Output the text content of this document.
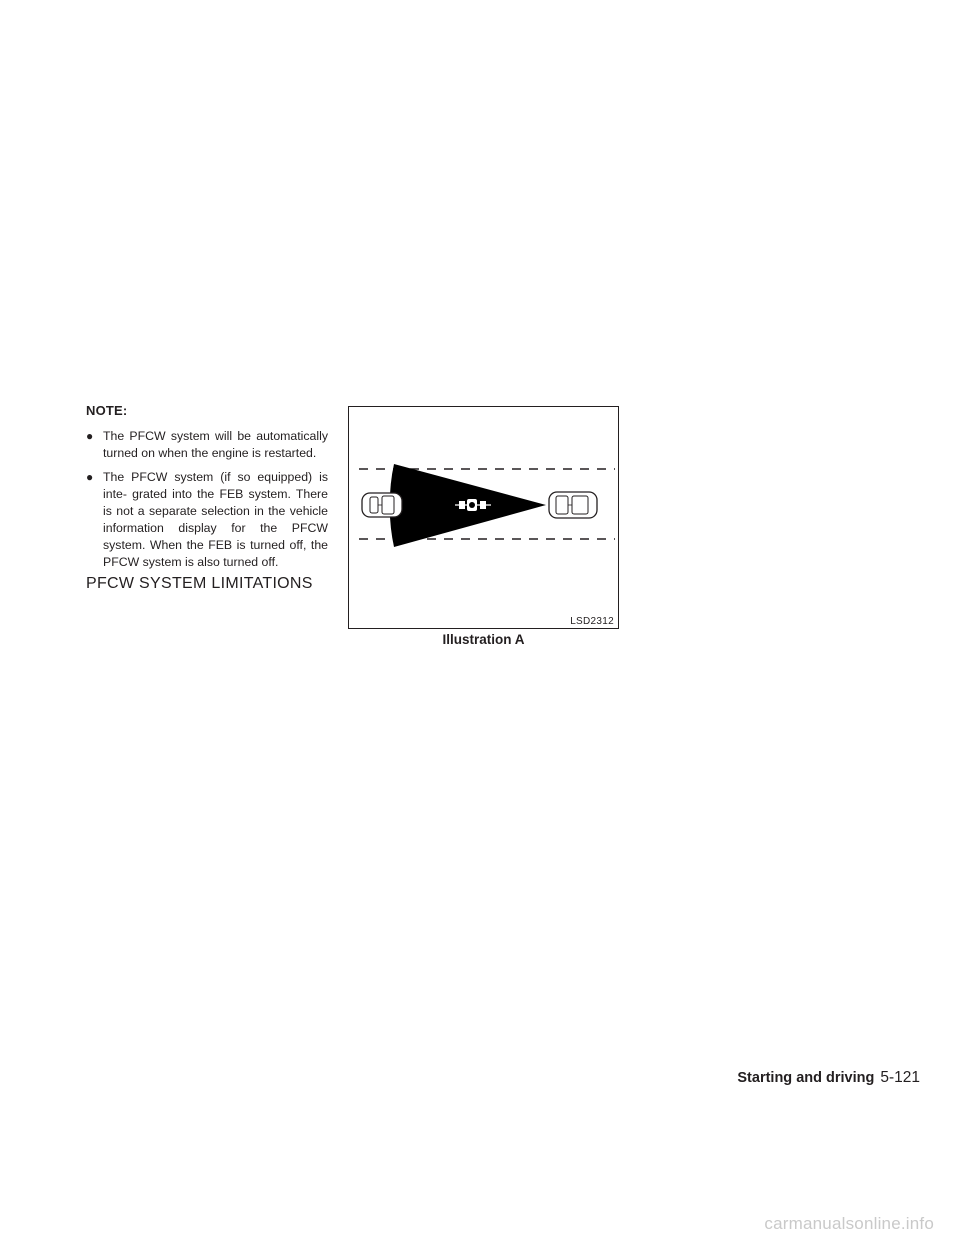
NOTE:
● The PFCW system will be automatically turned on when the engine is restarted.
● The PFCW system (if so equipped) is inte- grated into the FEB system. There is not a separate selection in the vehicle information display for the PFCW system. When the FEB is turned off, the PFCW system is also turned off.
PFCW SYSTEM LIMITATIONS
LSD2312
Illustration A
Starting and driving 5-121
carmanualsonline.info
